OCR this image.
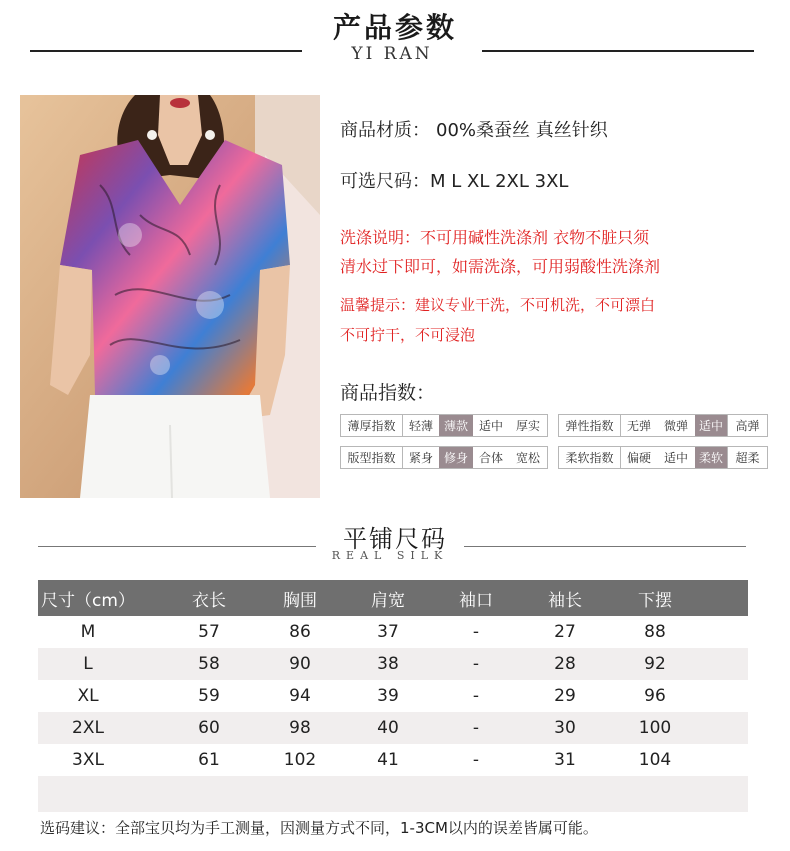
产品参数
YI RAN
商品材质： 00%桑蚕丝 真丝针织
可选尺码：M L XL 2XL 3XL
洗涤说明：不可用碱性洗涤剂 衣物不脏只须
清水过下即可，如需洗涤，可用弱酸性洗涤剂
温馨提示：建议专业干洗，不可机洗，不可漂白
不可拧干，不可浸泡
商品指数：
薄厚指数	轻薄 薄款 适中	厚实	弹性指数	无弹	微弹 适中	高弹
版型指数	紧身 修身 合体	宽松	柔软指数	偏硬	适中 柔软	超柔
平铺尺码
REAL SILK
尺寸（cm）	衣长	胸围	肩宽	袖口	袖长	下摆
M	57	86	37	-	27	88
L	58	90	38	-	28	92
XL	59	94	39	-	29	96
2XL	60	98	40	-	30	100
3XL	61	102	41	-	31	104
选码建议：全部宝贝均为手工测量，因测量方式不同，1-3CM以内的误差皆属可能。
